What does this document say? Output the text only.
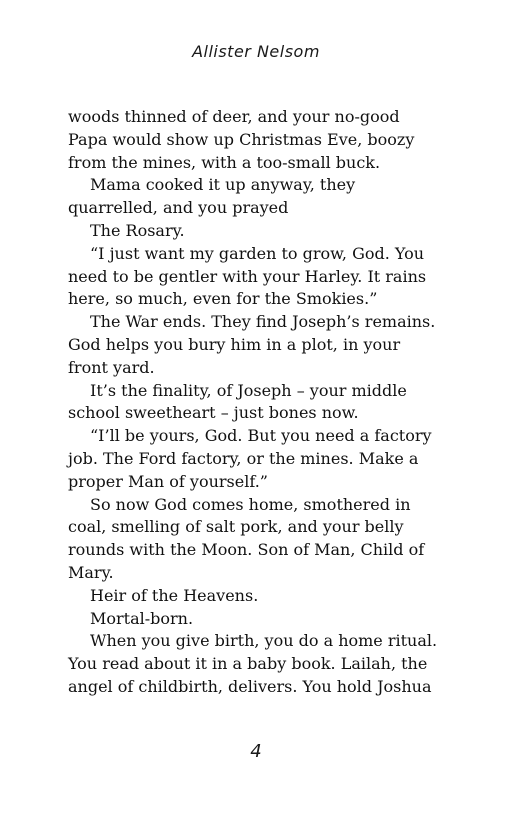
Allister Nelsom
woods thinned of deer, and your no-good
Papa would show up Christmas Eve, boozy
from the mines, with a too-small buck.
Mama cooked it up anyway, they
quarrelled, and you prayed
The Rosary.
“I just want my garden to grow, God. You
need to be gentler with your Harley. It rains
here, so much, even for the Smokies.”
The War ends. They find Joseph’s remains.
God helps you bury him in a plot, in your
front yard.
It’s the finality, of Joseph – your middle
school sweetheart – just bones now.
“I’ll be yours, God. But you need a factory
job. The Ford factory, or the mines. Make a
proper Man of yourself.”
So now God comes home, smothered in
coal, smelling of salt pork, and your belly
rounds with the Moon. Son of Man, Child of
Mary.
Heir of the Heavens.
Mortal-born.
When you give birth, you do a home ritual.
You read about it in a baby book. Lailah, the
angel of childbirth, delivers. You hold Joshua
4
